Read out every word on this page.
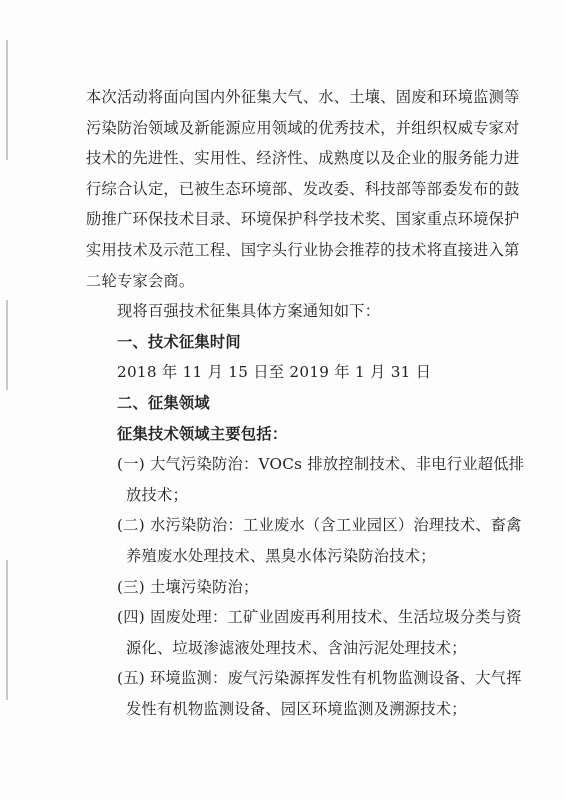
本次活动将面向国内外征集大气、水、土壤、固废和环境监测等
污染防治领域及新能源应用领域的优秀技术，并组织权威专家对
技术的先进性、实用性、经济性、成熟度以及企业的服务能力进
行综合认定，已被生态环境部、发改委、科技部等部委发布的鼓
励推广环保技术目录、环境保护科学技术奖、国家重点环境保护
实用技术及示范工程、国字头行业协会推荐的技术将直接进入第
二轮专家会商。
现将百强技术征集具体方案通知如下：
一、技术征集时间
2018 年 11 月 15 日至 2019 年 1 月 31 日
二、征集领域
征集技术领域主要包括：
(一) 大气污染防治：VOCs 排放控制技术、非电行业超低排
放技术；
(二) 水污染防治：工业废水（含工业园区）治理技术、畜禽
养殖废水处理技术、黑臭水体污染防治技术；
(三) 土壤污染防治；
(四) 固废处理：工矿业固废再利用技术、生活垃圾分类与资
源化、垃圾渗滤液处理技术、含油污泥处理技术；
(五) 环境监测：废气污染源挥发性有机物监测设备、大气挥
发性有机物监测设备、园区环境监测及溯源技术；
